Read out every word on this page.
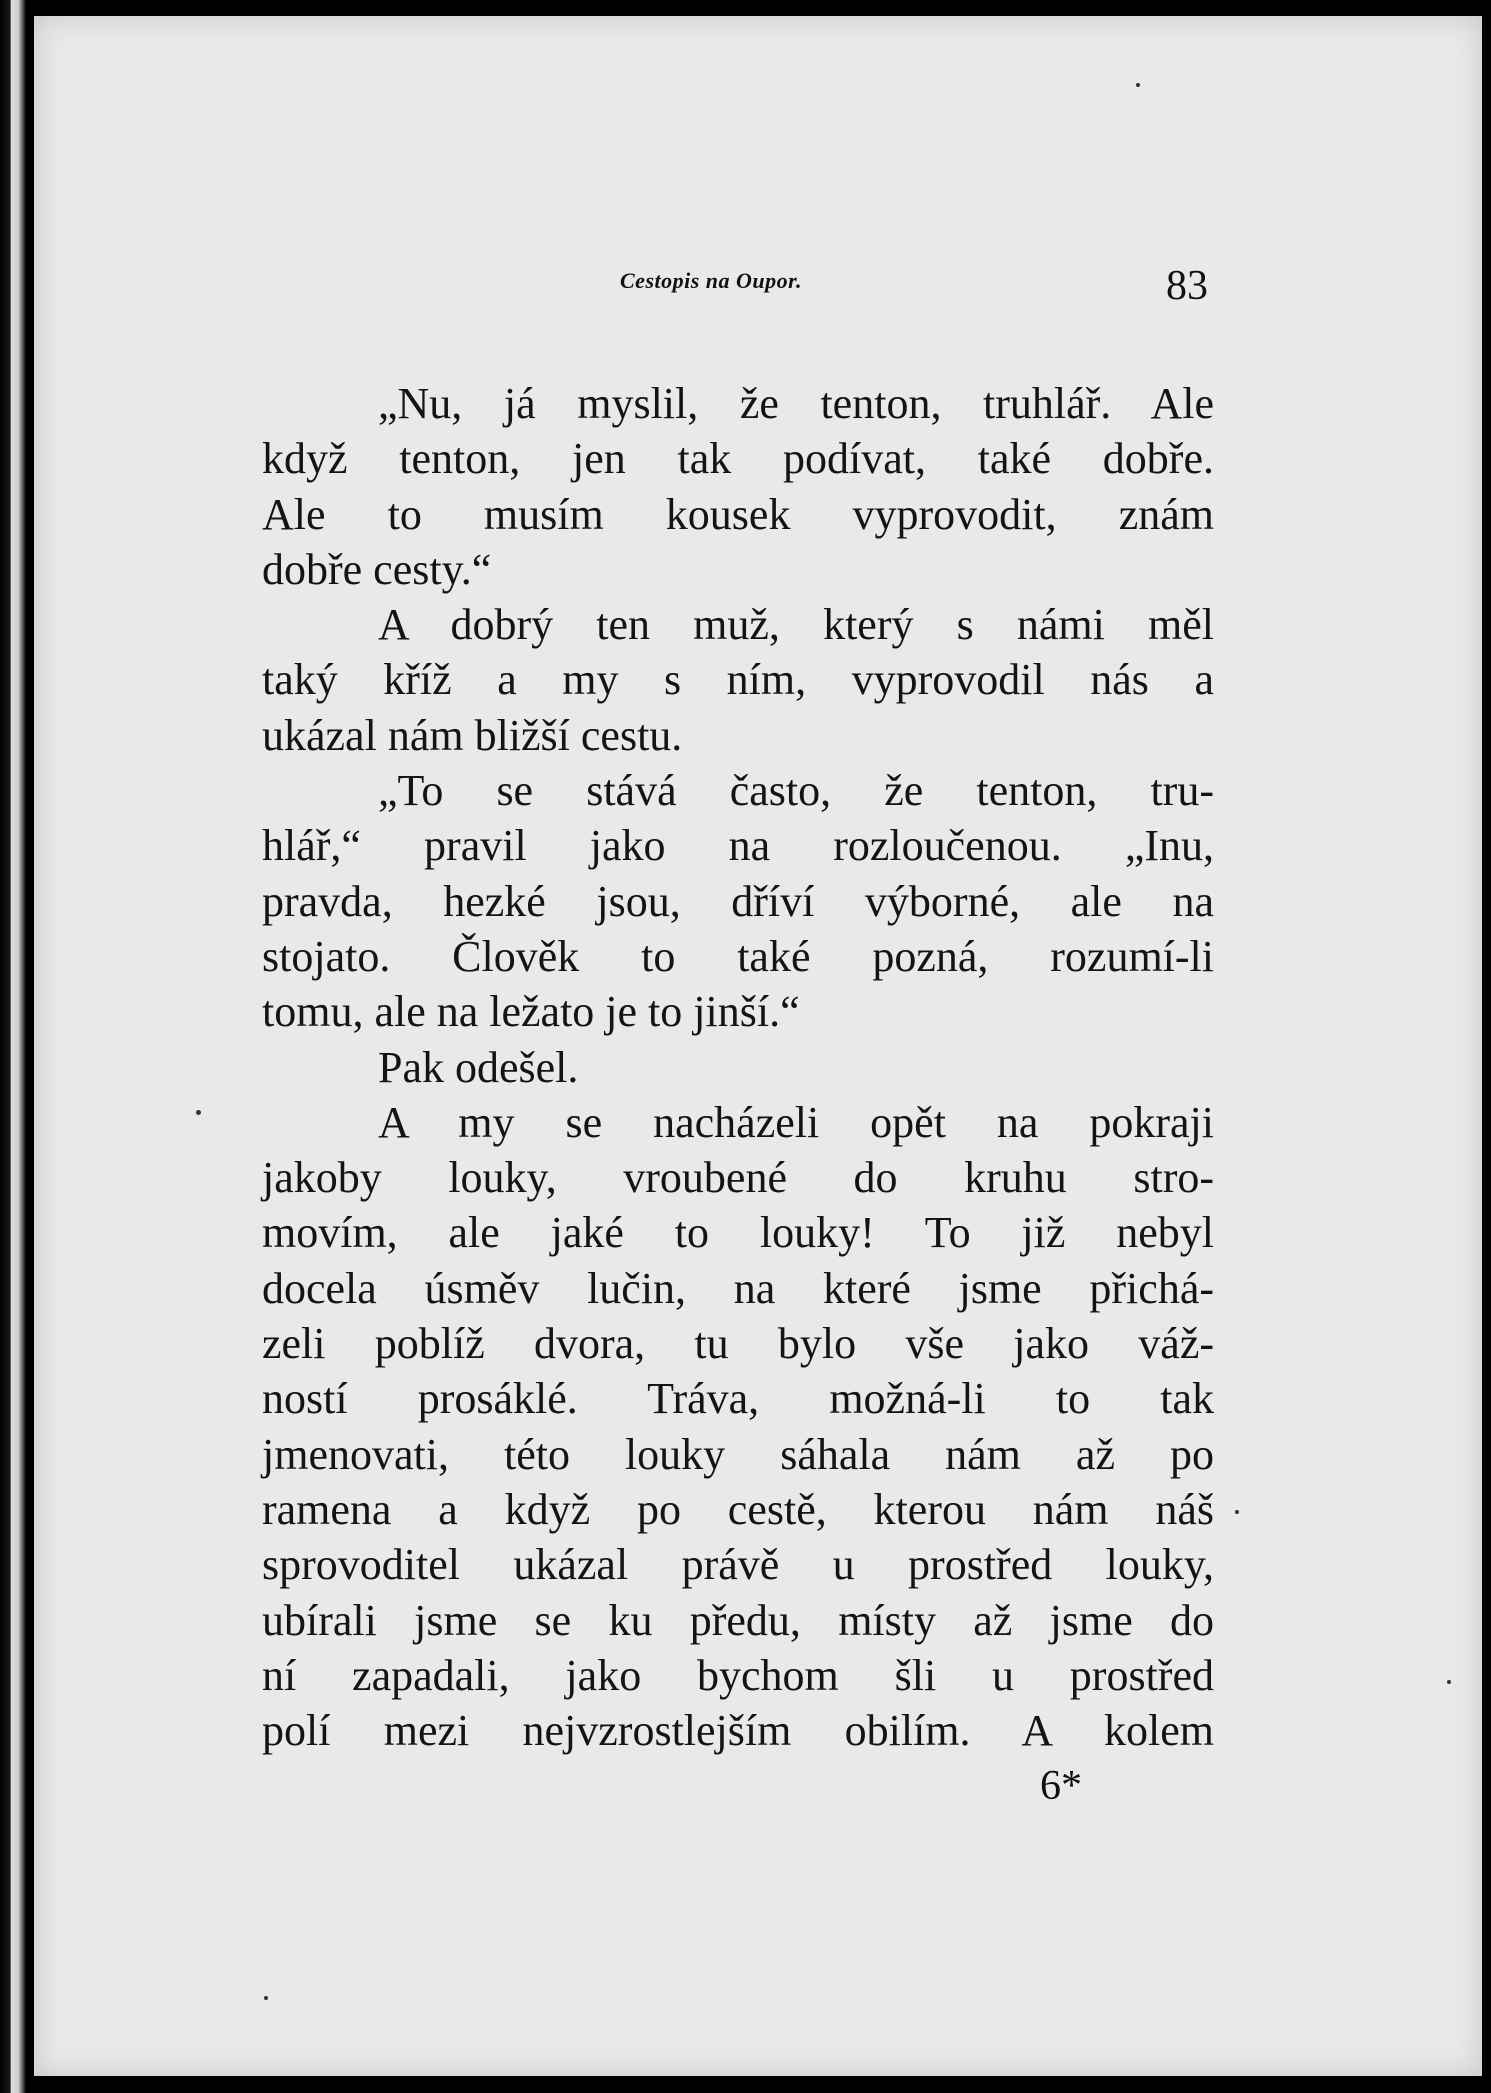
Cestopis na Oupor.	83
„Nu, já myslil, že tenton, truhlář. Ale
když tenton, jen tak podívat, také dobře.
Ale to musím kousek vyprovodit, znám
dobře cesty.“
A dobrý ten muž, který s námi měl
taký kříž a my s ním, vyprovodil nás a
ukázal nám bližší cestu.
„To se stává často, že tenton, tru-
hlář,“ pravil jako na rozloučenou. „Inu,
pravda, hezké jsou, dříví výborné, ale na
stojato. Člověk to také pozná, rozumí-li
tomu, ale na ležato je to jinší.“
Pak odešel.
A my se nacházeli opět na pokraji
jakoby louky, vroubené do kruhu stro-
movím, ale jaké to louky! To již nebyl
docela úsměv lučin, na které jsme přichá-
zeli poblíž dvora, tu bylo vše jako váž-
ností prosáklé. Tráva, možná-li to tak
jmenovati, této louky sáhala nám až po
ramena a když po cestě, kterou nám náš
sprovoditel ukázal právě u prostřed louky,
ubírali jsme se ku předu, místy až jsme do
ní zapadali, jako bychom šli u prostřed
polí mezi nejvzrostlejším obilím. A kolem
6*
